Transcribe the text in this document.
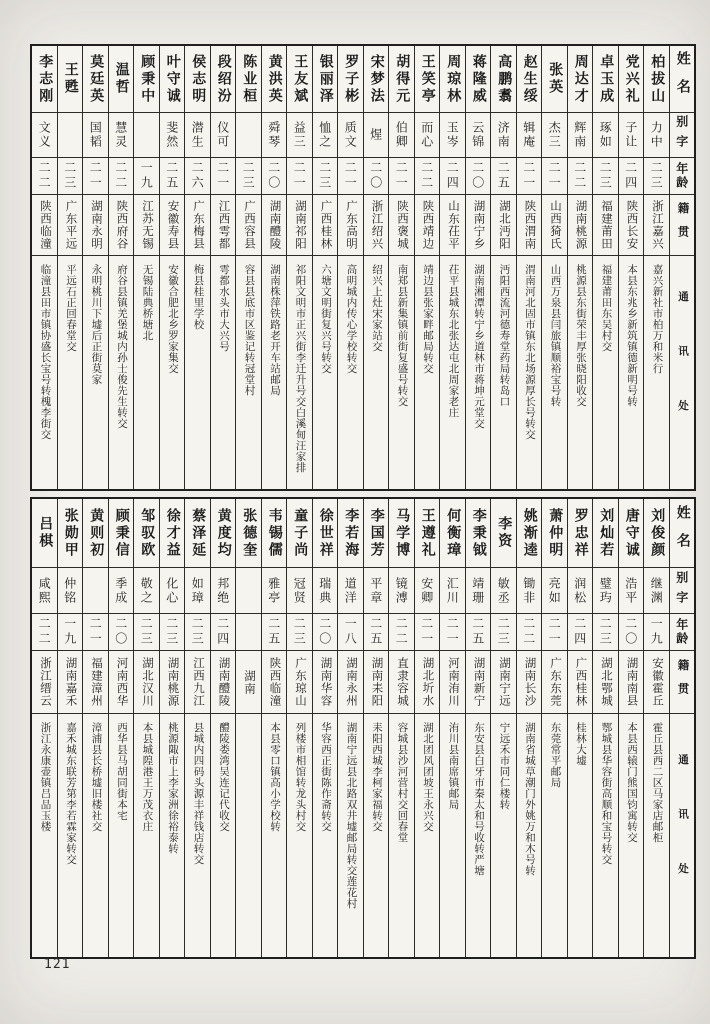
姓名
别字
年龄
籍贯
通讯处
柏拔山
力中
二三
浙江嘉兴
嘉兴新社市柏万和米行
党兴礼
子让
二四
陕西长安
本县东兆乡新筑镇德新明号转
卓玉成
琢如
二三
福建莆田
福建莆田东吴村交
周达才
辉南
二二
湖南桃源
桃源县东街荣丰厚张晓阳收交
张英
杰三
二一
山西猗氏
山西万泉县闫旅镇顺裕宝号转
赵生绥
辑庵
二一
陕西渭南
渭南河北固市镇东北场源厚长号转交
高鹏翥
济南
二五
湖北沔阳
沔阳西流河德寿堂药局转岛口
蒋隆威
云锦
二〇
湖南宁乡
湖南湘潭转宁乡道林市蒋坤元堂交
周琼林
玉岑
二四
山东茌平
茌平县城东北张达屯北周家老庄
王笑亭
而心
二二
陕西靖边
靖边县张家畔邮局转交
胡得元
伯卿
二一
陕西褒城
南郑县新集镇前街复盛号转交
宋梦法
煋
二〇
浙江绍兴
绍兴上灶宋家站交
罗子彬
质文
二一
广东高明
高明城内传心学校转交
银丽泽
恤之
二三
广西桂林
六塘文明街复兴号转交
王友斌
益三
二一
湖南祁阳
祁阳文明市正兴街李迁升号交白溪甸汪家排
黄洪英
舜琴
二〇
湖南醴陵
湖南株萍铁路老开车站邮局
陈业桓
二三
广西容县
容县县底市区鉴记转冠堂村
段绍汾
仪可
二一
江西雩都
雩都水头市大兴号
侯志明
潜生
二六
广东梅县
梅县桂里学校
叶守诚
斐然
二五
安徽寿县
安徽合肥北乡罗家集交
顾秉中
一九
江苏无锡
无锡陆典桥塘北
温哲
慧灵
二二
陕西府谷
府谷县镇羌堡城内孙士俊先生转交
莫廷英
国韬
二一
湖南永明
永明桃川下墟后正街莫家
王甦
二三
广东平远
平远石正回春堂交
李志刚
文义
二二
陕西临潼
临潼县田市镇协盛长宝号转槐李街交
姓名
别字
年龄
籍贯
通讯处
刘俊颜
继渊
一九
安徽霍丘
霍丘县西二区马家店邮柜
唐守诚
浩平
二〇
湖南南县
本县西辕门熊国钧寓转交
刘灿若
璧玙
二三
湖北鄂城
鄂城县华容街高顺和宝号转交
罗忠祥
润松
二四
广西桂林
桂林大墟
萧仲明
亮如
二一
广东东莞
东莞常平邮局
姚渐逵
锄非
二二
湖南长沙
湖南省城草潮门外姚万和木号转
李资
敏丞
二三
湖南宁远
宁远禾市同仁楼转
李秉钺
靖珊
二五
湖南新宁
东安县白牙市秦太和号收转严塘
何衡璋
汇川
二一
河南洧川
洧川县南席镇邮局
王遵礼
安卿
二一
湖北圻水
湖北团风团坡王永兴交
马学博
镜溥
二二
直隶容城
容城县沙河营村交回春堂
李国芳
平章
二五
湖南耒阳
耒阳西城李柯家福转交
李若海
道洋
一八
湖南永州
湖南宁远县北路双井墟邮局转交莲花村
徐世祥
瑞典
二〇
湖南华容
华容西正街陈作斋转交
童子尚
冠贤
二三
广东琼山
列楼市相馆转龙头村交
韦锡儒
雅亭
二五
陕西临潼
本县零口镇高小学校转
张德奎
湖南
黄度均
邦绝
二四
湖南醴陵
醴陵娄湾吴连记代收交
蔡泽延
如璋
二三
江西九江
县城内四码头源丰祥钱店转交
徐才益
化心
二三
湖南桃源
桃源陬市上李家洲徐裕泰转
邹驭欧
敬之
二三
湖北汉川
本县城隍港王万茂衣庄
顾秉信
季成
二〇
河南西华
西华县马胡同街本宅
黄则初
二一
福建漳州
漳浦县长桥墟旧楼社交
张勋甲
仲铭
一九
湖南嘉禾
嘉禾城东联芳第李若霖家转交
吕棋
咸熙
二二
浙江缙云
浙江永康壶镇吕品玉楼
121
